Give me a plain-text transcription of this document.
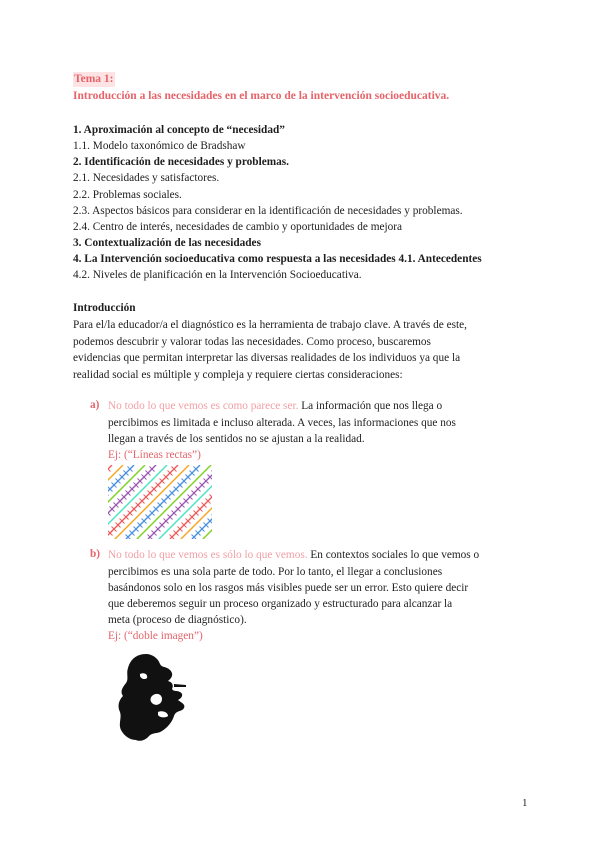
Tema 1:
Introducción a las necesidades en el marco de la intervención socioeducativa.
1. Aproximación al concepto de “necesidad”
1.1. Modelo taxonómico de Bradshaw
2. Identificación de necesidades y problemas.
2.1. Necesidades y satisfactores.
2.2. Problemas sociales.
2.3. Aspectos básicos para considerar en la identificación de necesidades y problemas.
2.4. Centro de interés, necesidades de cambio y oportunidades de mejora
3. Contextualización de las necesidades
4. La Intervención socioeducativa como respuesta a las necesidades 4.1. Antecedentes
4.2. Niveles de planificación en la Intervención Socioeducativa.
Introducción
Para el/la educador/a el diagnóstico es la herramienta de trabajo clave. A través de este,
podemos descubrir y valorar todas las necesidades. Como proceso, buscaremos
evidencias que permitan interpretar las diversas realidades de los individuos ya que la
realidad social es múltiple y compleja y requiere ciertas consideraciones:
a) No todo lo que vemos es como parece ser. La información que nos llega o
percibimos es limitada e incluso alterada. A veces, las informaciones que nos
llegan a través de los sentidos no se ajustan a la realidad.
Ej: (“Líneas rectas”)
b) No todo lo que vemos es sólo lo que vemos. En contextos sociales lo que vemos o
percibimos es una sola parte de todo. Por lo tanto, el llegar a conclusiones
basándonos solo en los rasgos más visibles puede ser un error. Esto quiere decir
que deberemos seguir un proceso organizado y estructurado para alcanzar la
meta (proceso de diagnóstico).
Ej: (“doble imagen”)
1
